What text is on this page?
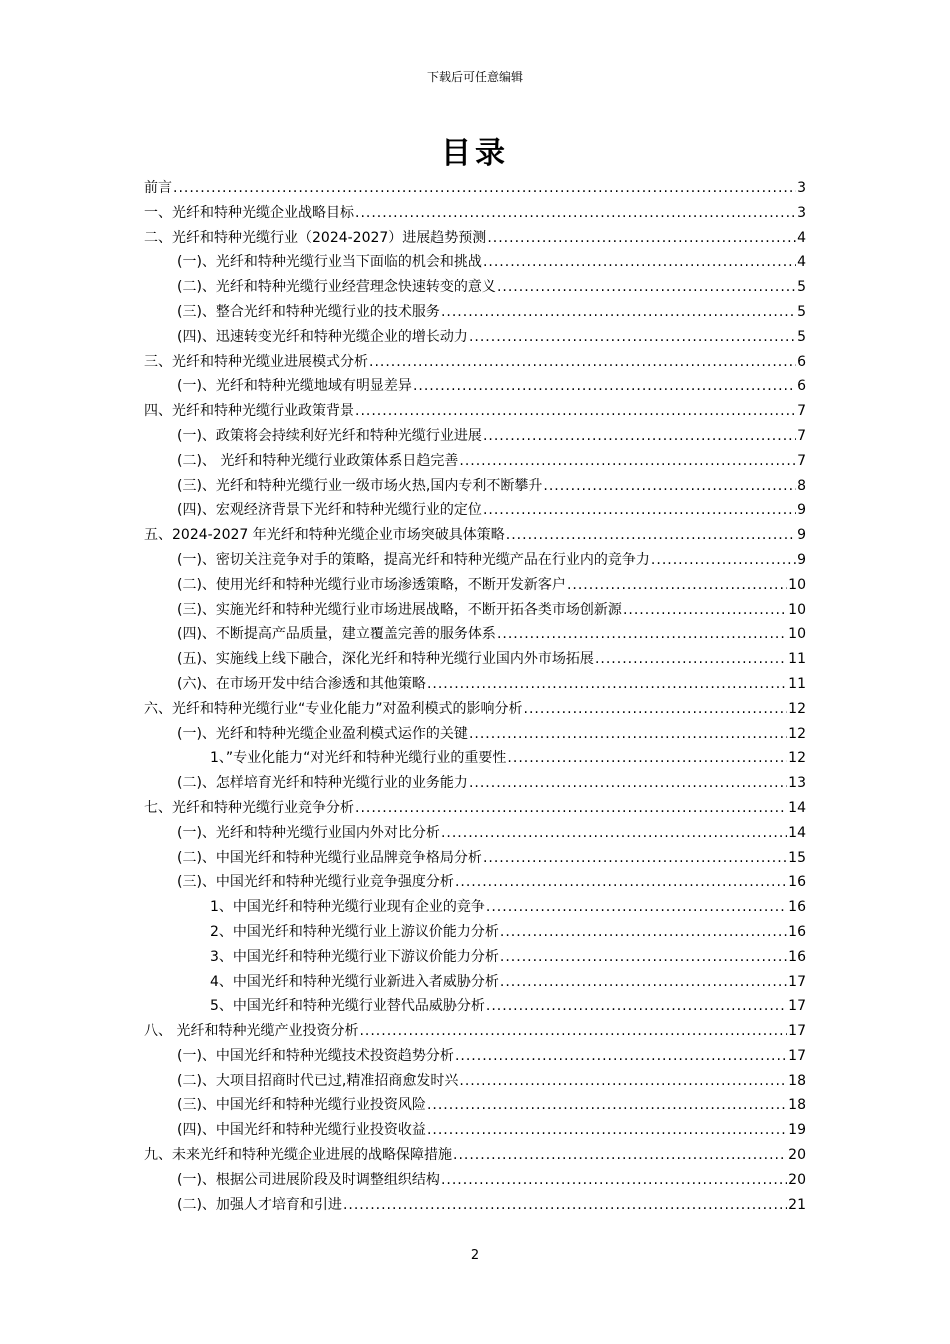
下载后可任意编辑
目录
前言 .....	3
一、光纤和特种光缆企业战略目标 .....	3
二、光纤和特种光缆行业（2024-2027）进展趋势预测 .....	4
(一)、光纤和特种光缆行业当下面临的机会和挑战 .....	4
(二)、光纤和特种光缆行业经营理念快速转变的意义 .....	5
(三)、整合光纤和特种光缆行业的技术服务 .....	5
(四)、迅速转变光纤和特种光缆企业的增长动力 .....	5
三、光纤和特种光缆业进展模式分析 .....	6
(一)、光纤和特种光缆地域有明显差异 .....	6
四、光纤和特种光缆行业政策背景 .....	7
(一)、政策将会持续利好光纤和特种光缆行业进展 .....	7
(二)、 光纤和特种光缆行业政策体系日趋完善 .....	7
(三)、光纤和特种光缆行业一级市场火热,国内专利不断攀升 .....	8
(四)、宏观经济背景下光纤和特种光缆行业的定位 .....	9
五、2024-2027 年光纤和特种光缆企业市场突破具体策略 .....	9
(一)、密切关注竞争对手的策略，提高光纤和特种光缆产品在行业内的竞争力 .....	9
(二)、使用光纤和特种光缆行业市场渗透策略，不断开发新客户 .....	10
(三)、实施光纤和特种光缆行业市场进展战略，不断开拓各类市场创新源 .....	10
(四)、不断提高产品质量，建立覆盖完善的服务体系 .....	10
(五)、实施线上线下融合，深化光纤和特种光缆行业国内外市场拓展 .....	11
(六)、在市场开发中结合渗透和其他策略 .....	11
六、光纤和特种光缆行业“专业化能力”对盈利模式的影响分析 .....	12
(一)、光纤和特种光缆企业盈利模式运作的关键 .....	12
1、”专业化能力“对光纤和特种光缆行业的重要性 .....	12
(二)、怎样培育光纤和特种光缆行业的业务能力 .....	13
七、光纤和特种光缆行业竞争分析 .....	14
(一)、光纤和特种光缆行业国内外对比分析 .....	14
(二)、中国光纤和特种光缆行业品牌竞争格局分析 .....	15
(三)、中国光纤和特种光缆行业竞争强度分析 .....	16
1、中国光纤和特种光缆行业现有企业的竞争 .....	16
2、中国光纤和特种光缆行业上游议价能力分析 .....	16
3、中国光纤和特种光缆行业下游议价能力分析 .....	16
4、中国光纤和特种光缆行业新进入者威胁分析 .....	17
5、中国光纤和特种光缆行业替代品威胁分析 .....	17
八、 光纤和特种光缆产业投资分析 .....	17
(一)、中国光纤和特种光缆技术投资趋势分析 .....	17
(二)、大项目招商时代已过,精准招商愈发时兴 .....	18
(三)、中国光纤和特种光缆行业投资风险 .....	18
(四)、中国光纤和特种光缆行业投资收益 .....	19
九、未来光纤和特种光缆企业进展的战略保障措施 .....	20
(一)、根据公司进展阶段及时调整组织结构 .....	20
(二)、加强人才培育和引进 .....	21
2
